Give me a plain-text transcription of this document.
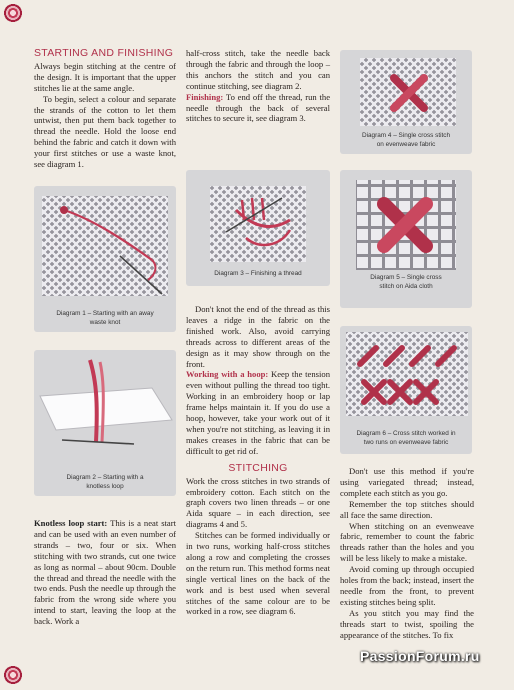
STARTING AND FINISHING

Always begin stitching at the centre of the design. It is important that the upper stitches lie at the same angle.

To begin, select a colour and separate the strands of the cotton to let them untwist, then put them back together to thread the needle. Hold the loose end behind the fabric and catch it down with your first stitches or use a waste knot, see diagram 1.

Diagram 1 – Starting with an away waste knot
Diagram 2 – Starting with a knotless loop

Knotless loop start: This is a neat start and can be used with an even number of strands – two, four or six. When stitching with two strands, cut one twice as long as normal – about 90cm. Double the thread and thread the needle with the two ends. Push the needle up through the fabric from the wrong side where you intend to start, leaving the loop at the back. Work a

half-cross stitch, take the needle back through the fabric and through the loop – this anchors the stitch and you can continue stitching, see diagram 2.

Finishing: To end off the thread, run the needle through the back of several stitches to secure it, see diagram 3.

Diagram 3 – Finishing a thread

Don't knot the end of the thread as this leaves a ridge in the fabric on the finished work. Also, avoid carrying threads across to different areas of the design as it may show through on the front.

Working with a hoop: Keep the tension even without pulling the thread too tight. Working in an embroidery hoop or lap frame helps maintain it. If you do use a hoop, however, take your work out of it when you're not stitching, as leaving it in makes creases in the fabric that can be difficult to get rid of.

STITCHING

Work the cross stitches in two strands of embroidery cotton. Each stitch on the graph covers two linen threads – or one Aida square – in each direction, see diagrams 4 and 5.

Stitches can be formed individually or in two runs, working half-cross stitches along a row and completing the crosses on the return run. This method forms neat single vertical lines on the back of the work and is best used when several stitches of the same colour are to be worked in a row, see diagram 6.

Diagram 4 – Single cross stitch on evenweave fabric
Diagram 5 – Single cross stitch on Aida cloth
Diagram 6 – Cross stitch worked in two runs on evenweave fabric

Don't use this method if you're using variegated thread; instead, complete each stitch as you go.

Remember the top stitches should all face the same direction.

When stitching on an evenweave fabric, remember to count the fabric threads rather than the holes and you will be less likely to make a mistake.

Avoid coming up through occupied holes from the back; instead, insert the needle from the front, to prevent existing stitches being split.

As you stitch you may find the threads start to twist, spoiling the appearance of the stitches. To fix

PassionForum.ru
